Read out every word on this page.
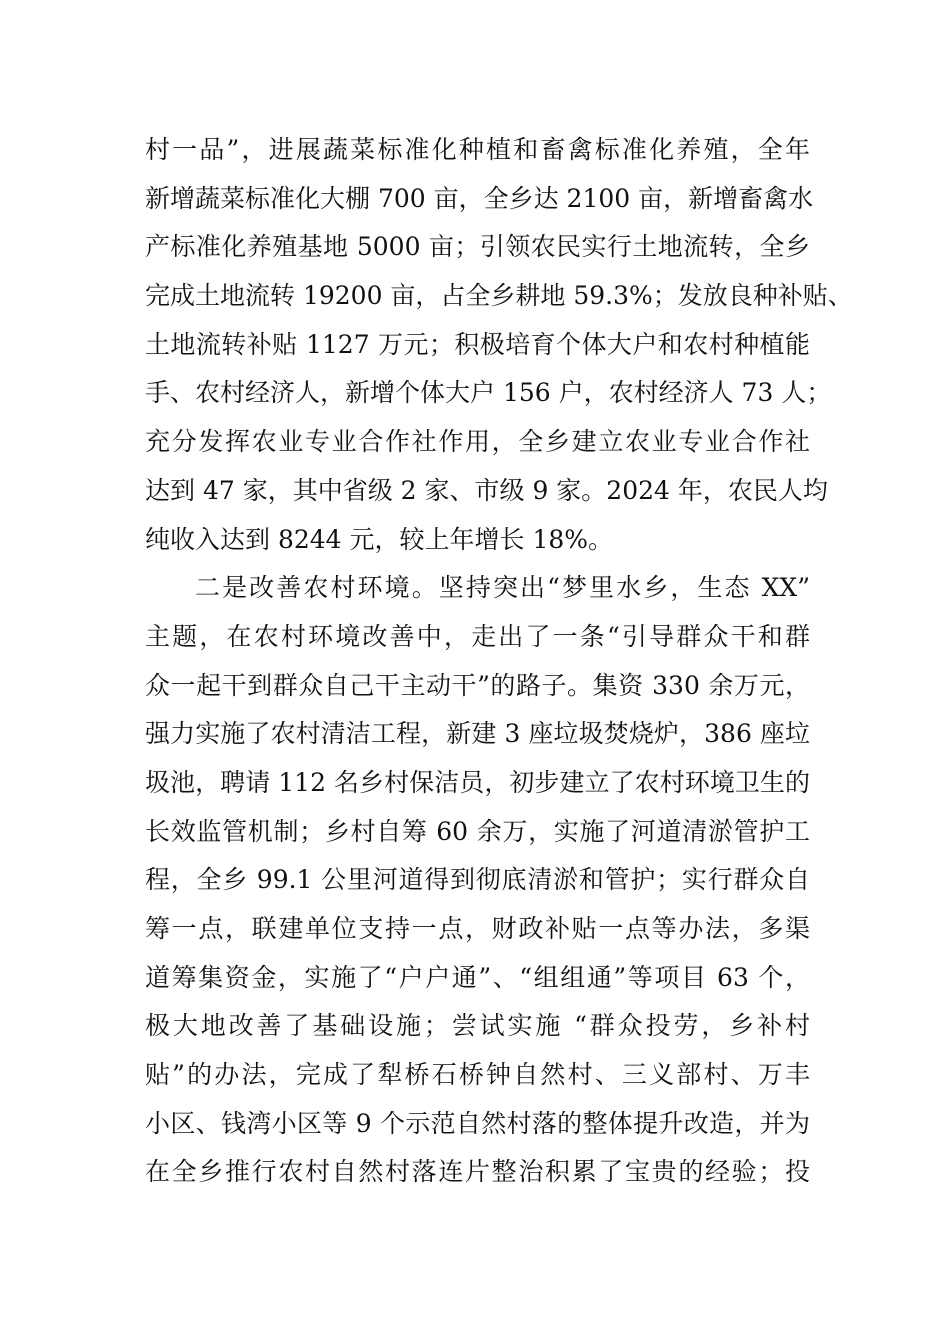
村一品”，进展蔬菜标准化种植和畜禽标准化养殖，全年
新增蔬菜标准化大棚 700 亩，全乡达 2100 亩，新增畜禽水
产标准化养殖基地 5000 亩；引领农民实行土地流转，全乡
完成土地流转 19200 亩，占全乡耕地 59.3%；发放良种补贴、
土地流转补贴 1127 万元；积极培育个体大户和农村种植能
手、农村经济人，新增个体大户 156 户，农村经济人 73 人；
充分发挥农业专业合作社作用，全乡建立农业专业合作社
达到 47 家，其中省级 2 家、市级 9 家。2024 年，农民人均
纯收入达到 8244 元，较上年增长 18%。
二是改善农村环境。坚持突出“梦里水乡，生态 XX”
主题，在农村环境改善中，走出了一条“引导群众干和群
众一起干到群众自己干主动干”的路子。集资 330 余万元，
强力实施了农村清洁工程，新建 3 座垃圾焚烧炉，386 座垃
圾池，聘请 112 名乡村保洁员，初步建立了农村环境卫生的
长效监管机制；乡村自筹 60 余万，实施了河道清淤管护工
程，全乡 99.1 公里河道得到彻底清淤和管护；实行群众自
筹一点，联建单位支持一点，财政补贴一点等办法，多渠
道筹集资金，实施了“户户通”、“组组通”等项目 63 个，
极大地改善了基础设施；尝试实施 “群众投劳，乡补村
贴”的办法，完成了犁桥石桥钟自然村、三义部村、万丰
小区、钱湾小区等 9 个示范自然村落的整体提升改造，并为
在全乡推行农村自然村落连片整治积累了宝贵的经验；投
